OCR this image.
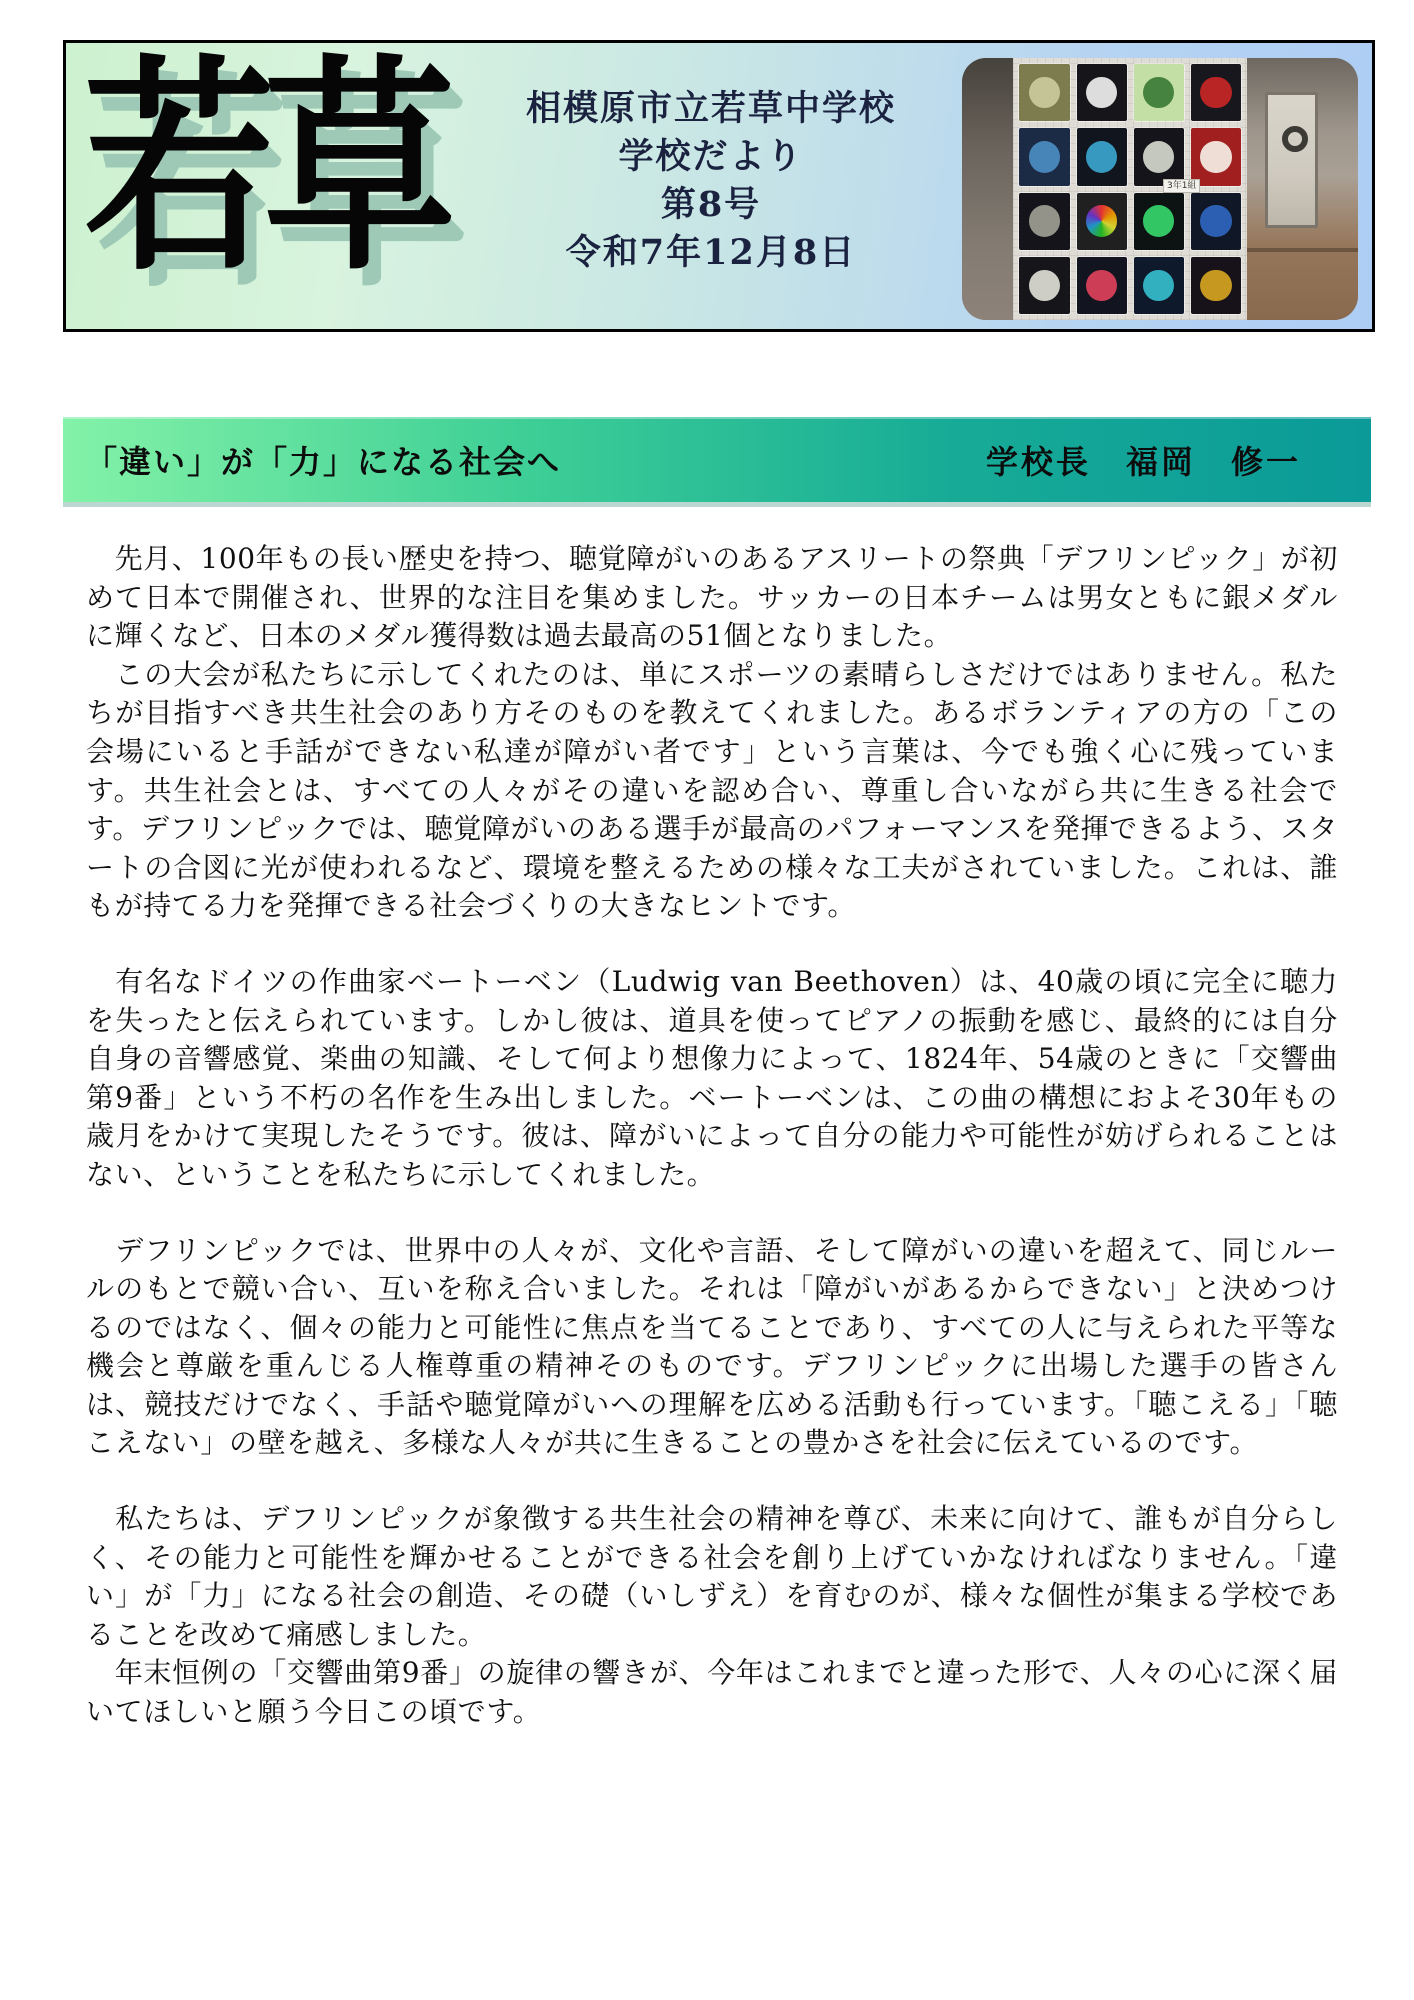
若草	相模原市立若草中学校
学校だより
第8号
令和7年12月8日
3年1組
「違い」が「力」になる社会へ	学校長　福岡　修一

　先月、100年もの長い歴史を持つ、聴覚障がいのあるアスリートの祭典「デフリンピック」が初めて日本で開催され、世界的な注目を集めました。サッカーの日本チームは男女ともに銀メダルに輝くなど、日本のメダル獲得数は過去最高の51個となりました。

　この大会が私たちに示してくれたのは、単にスポーツの素晴らしさだけではありません。私たちが目指すべき共生社会のあり方そのものを教えてくれました。あるボランティアの方の「この会場にいると手話ができない私達が障がい者です」という言葉は、今でも強く心に残っています。共生社会とは、すべての人々がその違いを認め合い、尊重し合いながら共に生きる社会です。デフリンピックでは、聴覚障がいのある選手が最高のパフォーマンスを発揮できるよう、スタートの合図に光が使われるなど、環境を整えるための様々な工夫がされていました。これは、誰もが持てる力を発揮できる社会づくりの大きなヒントです。

　有名なドイツの作曲家ベートーベン（Ludwig van Beethoven）は、40歳の頃に完全に聴力を失ったと伝えられています。しかし彼は、道具を使ってピアノの振動を感じ、最終的には自分自身の音響感覚、楽曲の知識、そして何より想像力によって、1824年、54歳のときに「交響曲第9番」という不朽の名作を生み出しました。ベートーベンは、この曲の構想におよそ30年もの歳月をかけて実現したそうです。彼は、障がいによって自分の能力や可能性が妨げられることはない、ということを私たちに示してくれました。

　デフリンピックでは、世界中の人々が、文化や言語、そして障がいの違いを超えて、同じルールのもとで競い合い、互いを称え合いました。それは「障がいがあるからできない」と決めつけるのではなく、個々の能力と可能性に焦点を当てることであり、すべての人に与えられた平等な機会と尊厳を重んじる人権尊重の精神そのものです。デフリンピックに出場した選手の皆さんは、競技だけでなく、手話や聴覚障がいへの理解を広める活動も行っています。「聴こえる」「聴こえない」の壁を越え、多様な人々が共に生きることの豊かさを社会に伝えているのです。

　私たちは、デフリンピックが象徴する共生社会の精神を尊び、未来に向けて、誰もが自分らしく、その能力と可能性を輝かせることができる社会を創り上げていかなければなりません。「違い」が「力」になる社会の創造、その礎（いしずえ）を育むのが、様々な個性が集まる学校であることを改めて痛感しました。

　年末恒例の「交響曲第9番」の旋律の響きが、今年はこれまでと違った形で、人々の心に深く届いてほしいと願う今日この頃です。
